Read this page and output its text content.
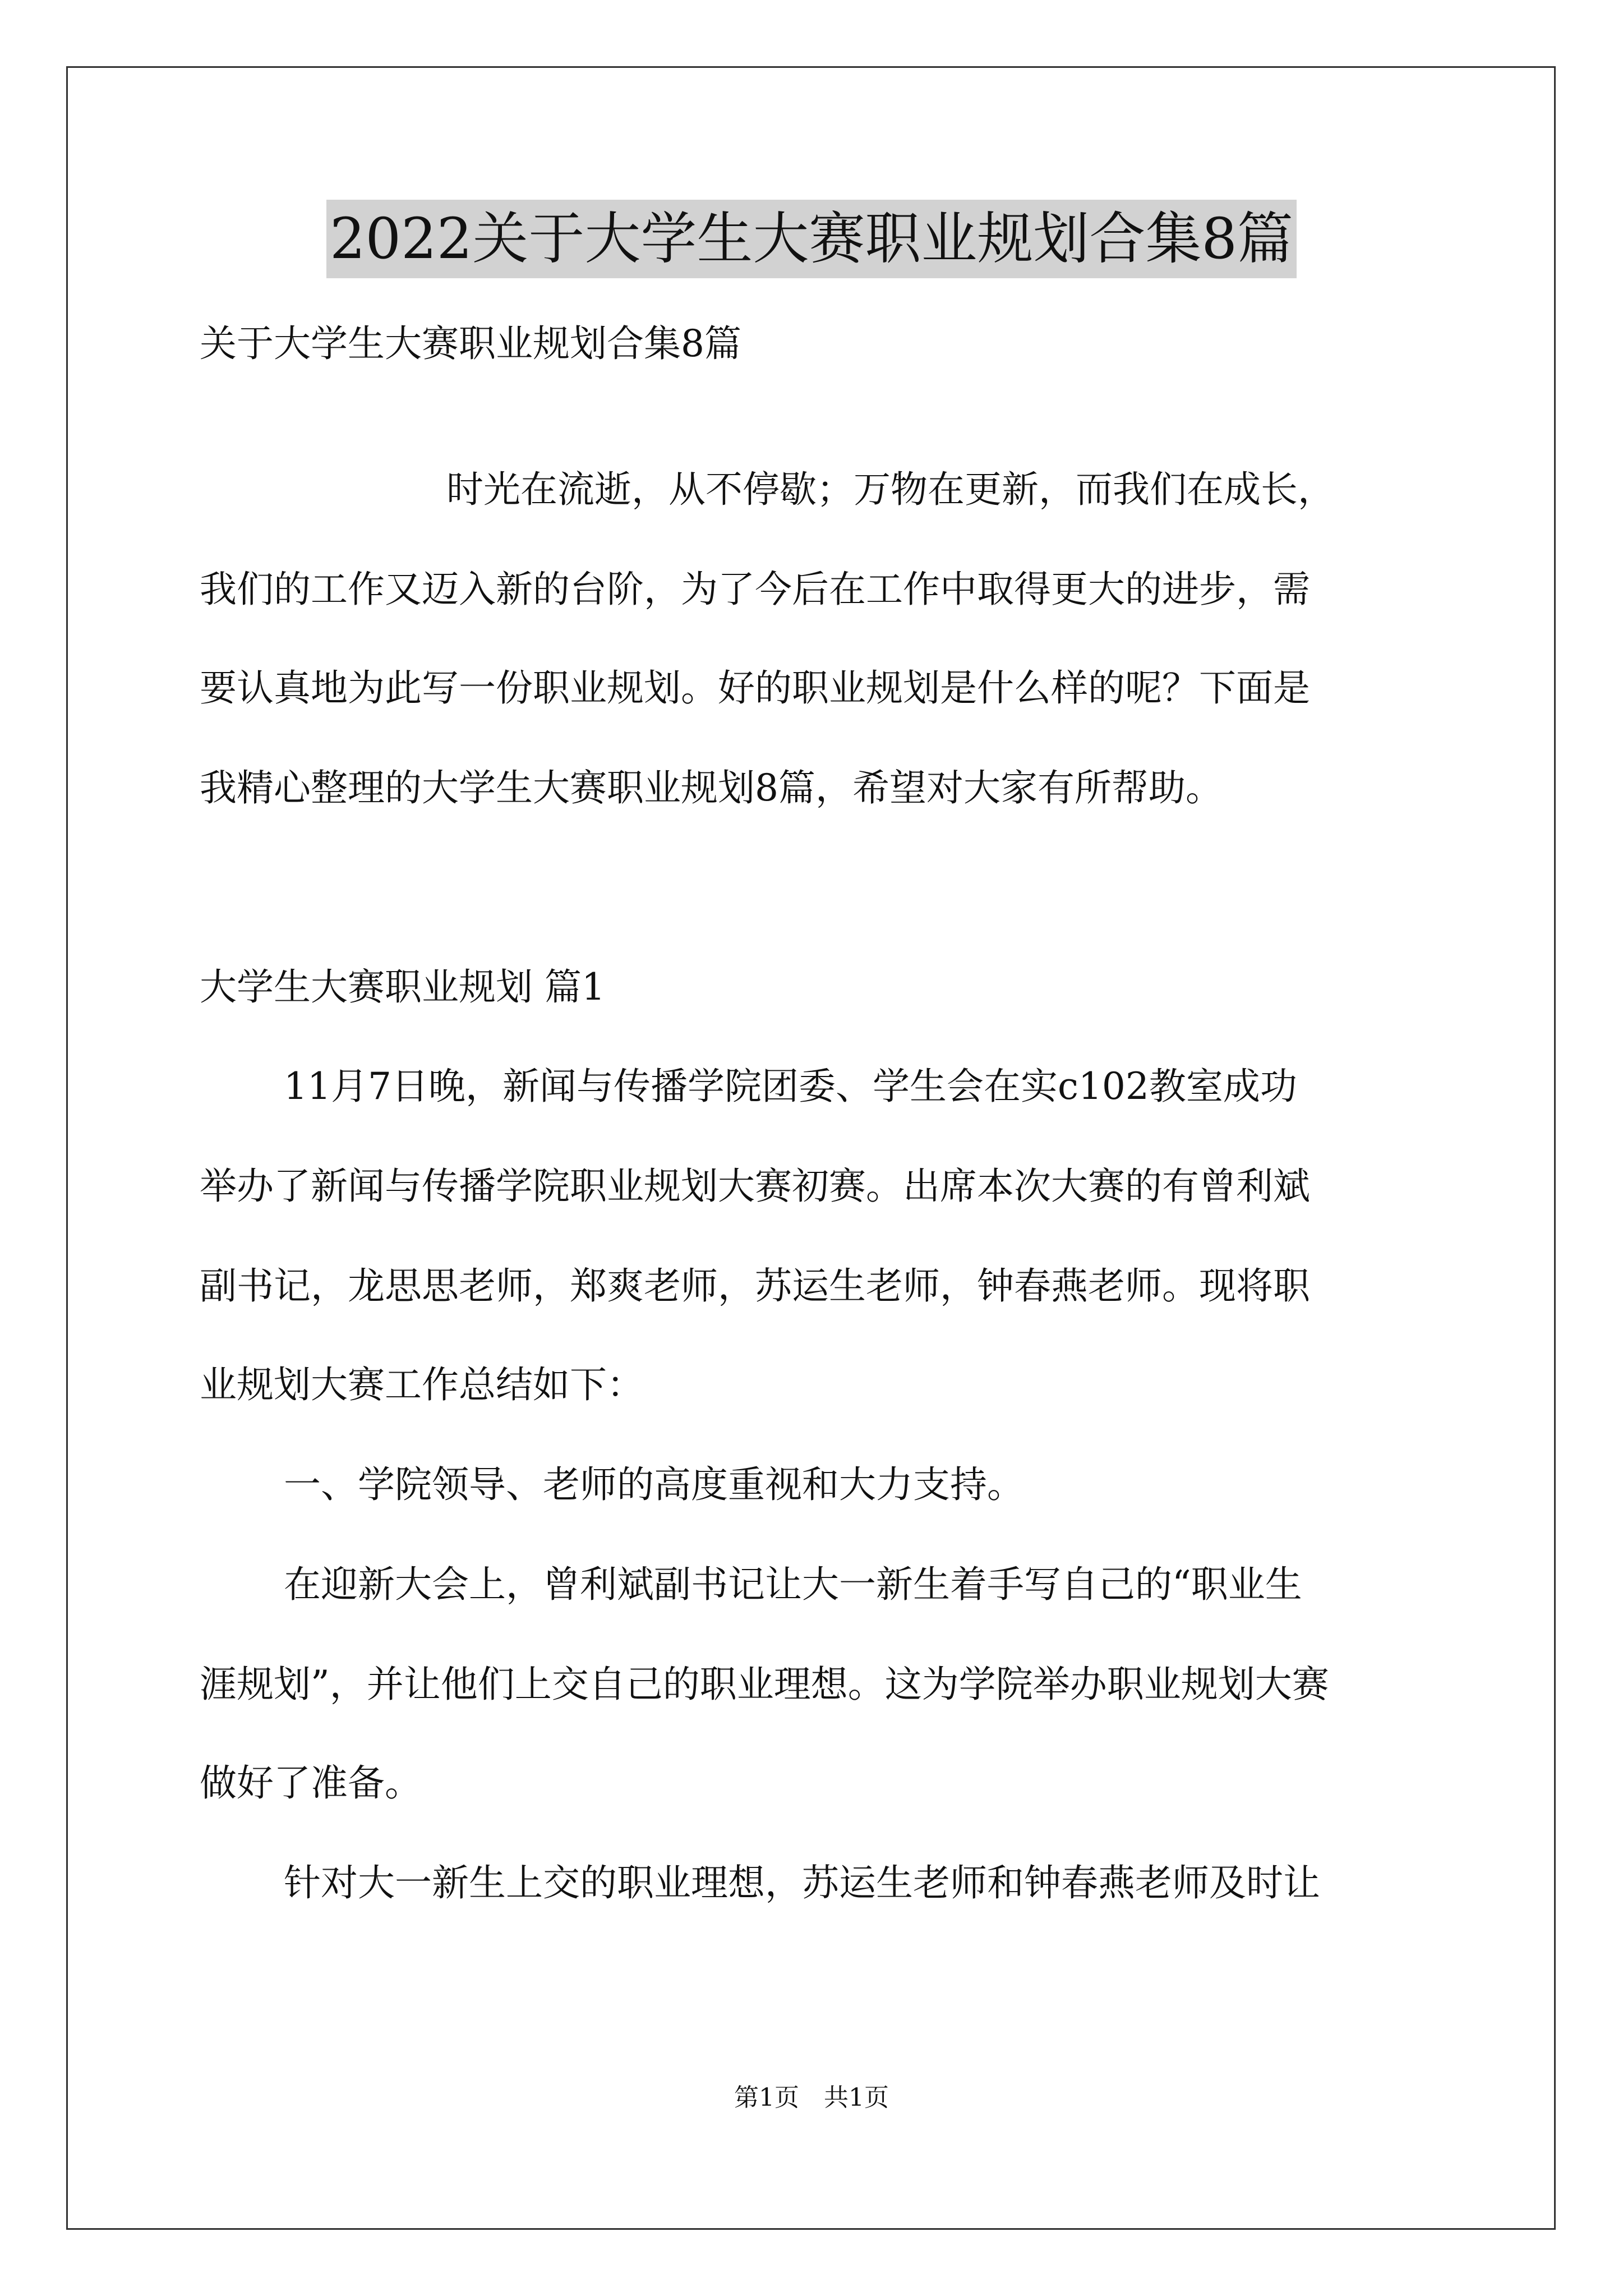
2022关于大学生大赛职业规划合集8篇
关于大学生大赛职业规划合集8篇
时光在流逝，从不停歇；万物在更新，而我们在成长，
我们的工作又迈入新的台阶，为了今后在工作中取得更大的进步，需
要认真地为此写一份职业规划。好的职业规划是什么样的呢？下面是
我精心整理的大学生大赛职业规划8篇，希望对大家有所帮助。
大学生大赛职业规划 篇1
11月7日晚，新闻与传播学院团委、学生会在实c102教室成功
举办了新闻与传播学院职业规划大赛初赛。出席本次大赛的有曾利斌
副书记，龙思思老师，郑爽老师，苏运生老师，钟春燕老师。现将职
业规划大赛工作总结如下：
一、学院领导、老师的高度重视和大力支持。
在迎新大会上，曾利斌副书记让大一新生着手写自己的“职业生
涯规划”，并让他们上交自己的职业理想。这为学院举办职业规划大赛
做好了准备。
针对大一新生上交的职业理想，苏运生老师和钟春燕老师及时让
第1页　共1页
